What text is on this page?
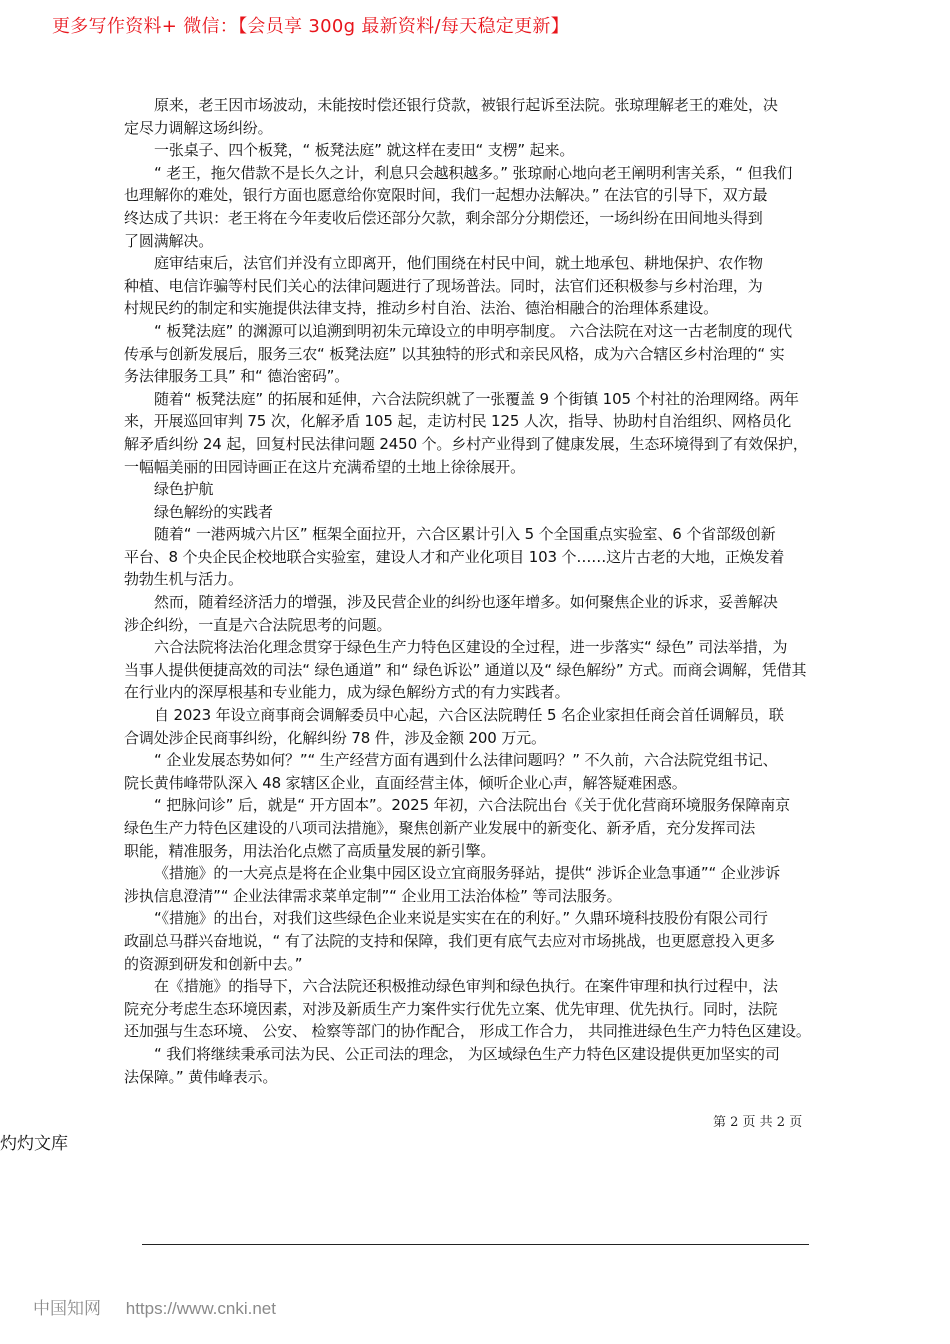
更多写作资料+ 微信：【会员享 300g 最新资料/每天稳定更新】
原来，老王因市场波动，未能按时偿还银行贷款，被银行起诉至法院。张琼理解老王的难处，决
定尽力调解这场纠纷。
一张桌子、四个板凳，“ 板凳法庭” 就这样在麦田“ 支楞” 起来。
“ 老王，拖欠借款不是长久之计，利息只会越积越多。” 张琼耐心地向老王阐明利害关系，“ 但我们
也理解你的难处，银行方面也愿意给你宽限时间，我们一起想办法解决。” 在法官的引导下，双方最
终达成了共识：老王将在今年麦收后偿还部分欠款，剩余部分分期偿还，一场纠纷在田间地头得到
了圆满解决。
庭审结束后，法官们并没有立即离开，他们围绕在村民中间，就土地承包、耕地保护、农作物
种植、电信诈骗等村民们关心的法律问题进行了现场普法。同时，法官们还积极参与乡村治理，为
村规民约的制定和实施提供法律支持，推动乡村自治、法治、德治相融合的治理体系建设。
“ 板凳法庭” 的渊源可以追溯到明初朱元璋设立的申明亭制度。 六合法院在对这一古老制度的现代
传承与创新发展后，服务三农“ 板凳法庭” 以其独特的形式和亲民风格，成为六合辖区乡村治理的“ 实
务法律服务工具” 和“ 德治密码”。
随着“ 板凳法庭” 的拓展和延伸，六合法院织就了一张覆盖 9 个街镇 105 个村社的治理网络。两年
来，开展巡回审判 75 次，化解矛盾 105 起，走访村民 125 人次，指导、协助村自治组织、网格员化
解矛盾纠纷 24 起，回复村民法律问题 2450 个。乡村产业得到了健康发展，生态环境得到了有效保护，
一幅幅美丽的田园诗画正在这片充满希望的土地上徐徐展开。
绿色护航
绿色解纷的实践者
随着“ 一港两城六片区” 框架全面拉开，六合区累计引入 5 个全国重点实验室、6 个省部级创新
平台、8 个央企民企校地联合实验室，建设人才和产业化项目 103 个……这片古老的大地，正焕发着
勃勃生机与活力。
然而，随着经济活力的增强，涉及民营企业的纠纷也逐年增多。如何聚焦企业的诉求，妥善解决
涉企纠纷，一直是六合法院思考的问题。
六合法院将法治化理念贯穿于绿色生产力特色区建设的全过程，进一步落实“ 绿色” 司法举措，为
当事人提供便捷高效的司法“ 绿色通道” 和“ 绿色诉讼” 通道以及“ 绿色解纷” 方式。而商会调解，凭借其
在行业内的深厚根基和专业能力，成为绿色解纷方式的有力实践者。
自 2023 年设立商事商会调解委员中心起，六合区法院聘任 5 名企业家担任商会首任调解员，联
合调处涉企民商事纠纷，化解纠纷 78 件，涉及金额 200 万元。
“ 企业发展态势如何？”“ 生产经营方面有遇到什么法律问题吗？” 不久前，六合法院党组书记、
院长黄伟峰带队深入 48 家辖区企业，直面经营主体，倾听企业心声，解答疑难困惑。
“ 把脉问诊” 后，就是“ 开方固本”。2025 年初，六合法院出台《关于优化营商环境服务保障南京
绿色生产力特色区建设的八项司法措施》，聚焦创新产业发展中的新变化、新矛盾，充分发挥司法
职能，精准服务，用法治化点燃了高质量发展的新引擎。
《措施》的一大亮点是将在企业集中园区设立宜商服务驿站，提供“ 涉诉企业急事通”“ 企业涉诉
涉执信息澄清”“ 企业法律需求菜单定制”“ 企业用工法治体检” 等司法服务。
“《措施》的出台，对我们这些绿色企业来说是实实在在的利好。” 久鼎环境科技股份有限公司行
政副总马群兴奋地说，“ 有了法院的支持和保障，我们更有底气去应对市场挑战，也更愿意投入更多
的资源到研发和创新中去。”
在《措施》的指导下，六合法院还积极推动绿色审判和绿色执行。在案件审理和执行过程中，法
院充分考虑生态环境因素，对涉及新质生产力案件实行优先立案、优先审理、优先执行。同时，法院
还加强与生态环境、 公安、 检察等部门的协作配合， 形成工作合力， 共同推进绿色生产力特色区建设。
“ 我们将继续秉承司法为民、公正司法的理念， 为区域绿色生产力特色区建设提供更加坚实的司
法保障。” 黄伟峰表示。
第 2 页 共 2 页
灼灼文库
中国知网 https://www.cnki.net
